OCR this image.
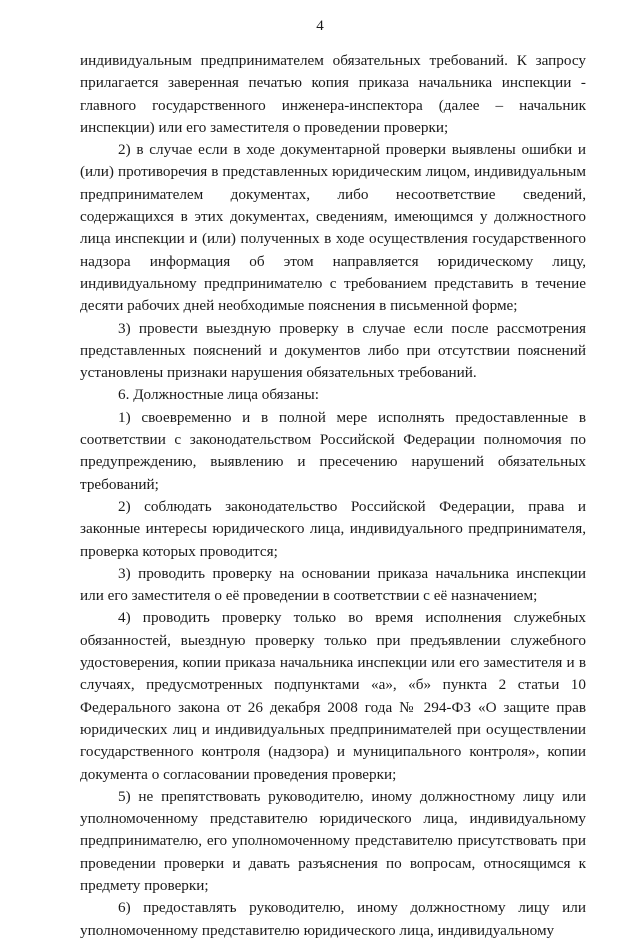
4

индивидуальным предпринимателем обязательных требований. К запросу прилагается заверенная печатью копия приказа начальника инспекции - главного государственного инженера-инспектора (далее – начальник инспекции) или его заместителя о проведении проверки;

2) в случае если в ходе документарной проверки выявлены ошибки и (или) противоречия в представленных юридическим лицом, индивидуальным предпринимателем документах, либо несоответствие сведений, содержащихся в этих документах, сведениям, имеющимся у должностного лица инспекции и (или) полученных в ходе осуществления государственного надзора информация об этом направляется юридическому лицу, индивидуальному предпринимателю с требованием представить в течение десяти рабочих дней необходимые пояснения в письменной форме;

3) провести выездную проверку в случае если после рассмотрения представленных пояснений и документов либо при отсутствии пояснений установлены признаки нарушения обязательных требований.

6. Должностные лица обязаны:

1) своевременно и в полной мере исполнять предоставленные в соответствии с законодательством Российской Федерации полномочия по предупреждению, выявлению и пресечению нарушений обязательных требований;

2) соблюдать законодательство Российской Федерации, права и законные интересы юридического лица, индивидуального предпринимателя, проверка которых проводится;

3) проводить проверку на основании приказа начальника инспекции или его заместителя о её проведении в соответствии с её назначением;

4) проводить проверку только во время исполнения служебных обязанностей, выездную проверку только при предъявлении служебного удостоверения, копии приказа начальника инспекции или его заместителя и в случаях, предусмотренных подпунктами «а», «б» пункта 2 статьи 10 Федерального закона от 26 декабря 2008 года № 294-ФЗ «О защите прав юридических лиц и индивидуальных предпринимателей при осуществлении государственного контроля (надзора) и муниципального контроля», копии документа о согласовании проведения проверки;

5) не препятствовать руководителю, иному должностному лицу или уполномоченному представителю юридического лица, индивидуальному предпринимателю, его уполномоченному представителю присутствовать при проведении проверки и давать разъяснения по вопросам, относящимся к предмету проверки;

6) предоставлять руководителю, иному должностному лицу или уполномоченному представителю юридического лица, индивидуальному
